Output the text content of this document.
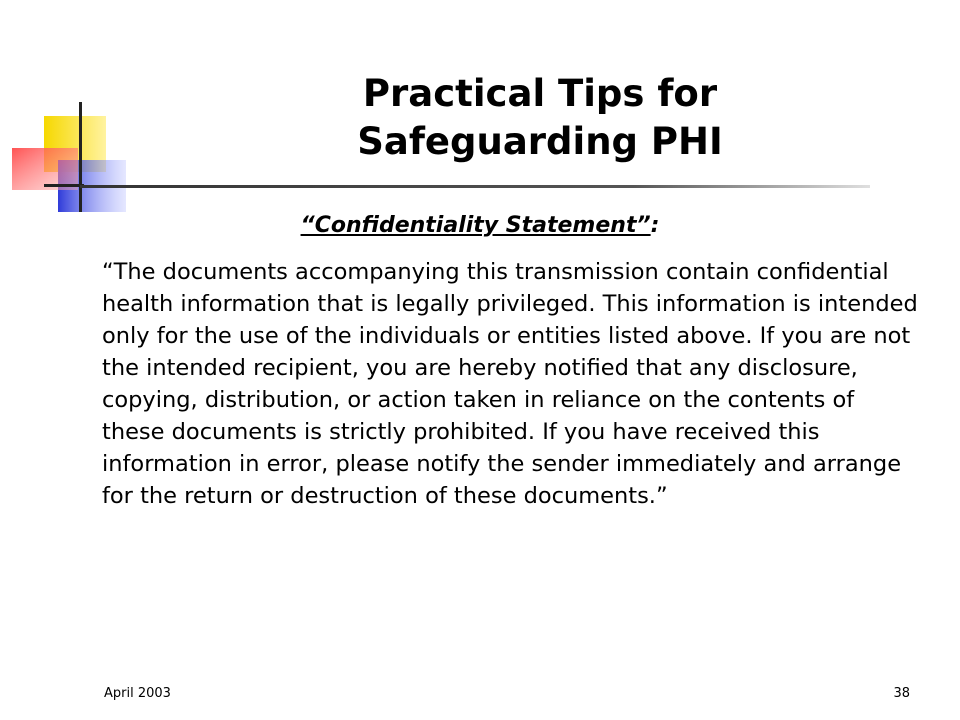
Practical Tips for
Safeguarding PHI
“Confidentiality Statement”:

“The documents accompanying this transmission contain confidential health information that is legally privileged. This information is intended only for the use of the individuals or entities listed above. If you are not the intended recipient, you are hereby notified that any disclosure, copying, distribution, or action taken in reliance on the contents of these documents is strictly prohibited. If you have received this information in error, please notify the sender immediately and arrange for the return or destruction of these documents.”

April 2003	38
